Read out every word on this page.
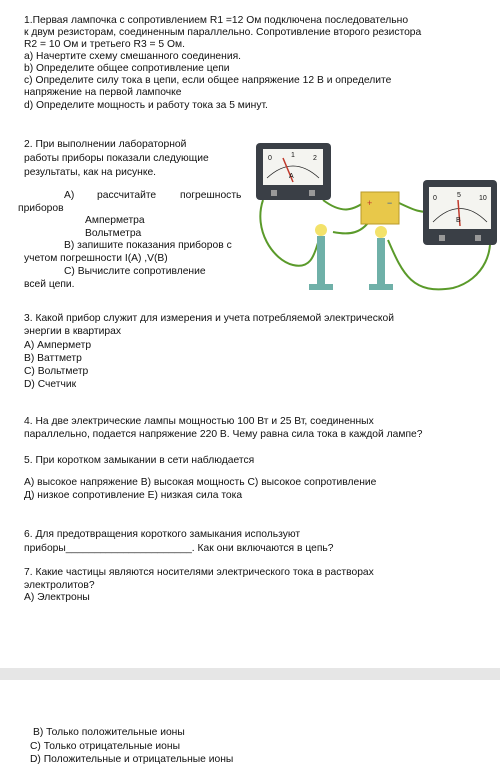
1.Первая лампочка с сопротивлением R1 =12 Ом подключена последовательно
к двум резисторам, соединенным параллельно. Сопротивление второго резистора
R2 = 10 Ом и третьего R3 = 5 Ом.
a) Начертите схему смешанного соединения.
b) Определите общее сопротивление цепи
c) Определите силу тока в цепи, если общее напряжение 12 В и определите
напряжение на первой лампочке
d) Определите мощность и работу тока за 5 минут.
2. При выполнении лабораторной
работы приборы показали следующие
результаты, как на рисунке.
А) рассчитайте погрешность
приборов
Амперметра
Вольтметра
В) запишите показания приборов с
учетом погрешности I(A) ,V(B)
С) Вычислите сопротивление
всей цепи.
0	1	2
A
+ −	0	5	10
B
3. Какой прибор служит для измерения и учета потребляемой электрической
энергии в квартирах
А) Амперметр
В) Ваттметр
С) Вольтметр
D) Счетчик
4. На две электрические лампы мощностью 100 Вт и 25 Вт, соединенных
параллельно, подается напряжение 220 В. Чему равна сила тока в каждой лампе?
5. При коротком замыкании в сети наблюдается
А) высокое напряжение В) высокая мощность С) высокое сопротивление
Д) низкое сопротивление Е) низкая сила тока
6. Для предотвращения короткого замыкания используют
приборы______________________. Как они включаются в цепь?
7. Какие частицы являются носителями электрического тока в растворах
электролитов?
А) Электроны
В) Только положительные ионы
С) Только отрицательные ионы
D) Положительные и отрицательные ионы
